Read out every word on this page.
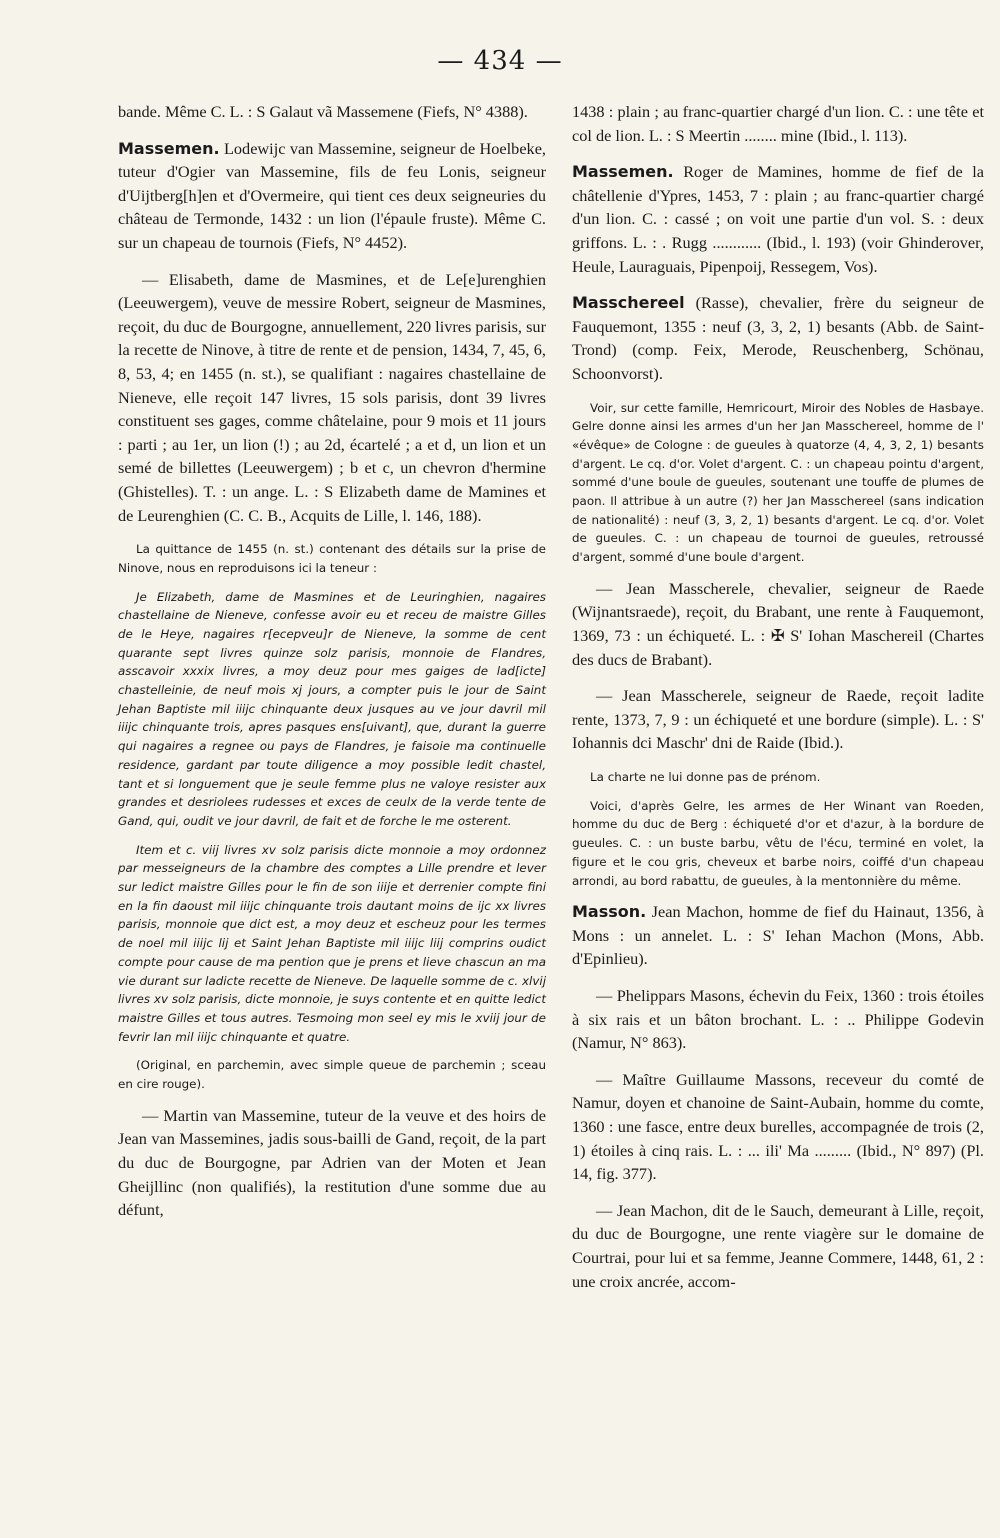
— 434 —

bande. Même C. L. : S Galaut vã Massemene (Fiefs, N° 4388).

Massemen. Lodewijc van Massemine, seigneur de Hoelbeke, tuteur d'Ogier van Massemine, fils de feu Lonis, seigneur d'Uijtberg[h]en et d'Overmeire, qui tient ces deux seigneuries du château de Termonde, 1432 : un lion (l'épaule fruste). Même C. sur un chapeau de tournois (Fiefs, N° 4452).

— Elisabeth, dame de Masmines, et de Le[e]urenghien (Leeuwergem), veuve de messire Robert, seigneur de Masmines, reçoit, du duc de Bourgogne, annuellement, 220 livres parisis, sur la recette de Ninove, à titre de rente et de pension, 1434, 7, 45, 6, 8, 53, 4; en 1455 (n. st.), se qualifiant : nagaires chastellaine de Nieneve, elle reçoit 147 livres, 15 sols parisis, dont 39 livres constituent ses gages, comme châtelaine, pour 9 mois et 11 jours : parti ; au 1er, un lion (!) ; au 2d, écartelé ; a et d, un lion et un semé de billettes (Leeuwergem) ; b et c, un chevron d'hermine (Ghistelles). T. : un ange. L. : S Elizabeth dame de Mamines et de Leurenghien (C. C. B., Acquits de Lille, l. 146, 188).

La quittance de 1455 (n. st.) contenant des détails sur la prise de Ninove, nous en reproduisons ici la teneur :

Je Elizabeth, dame de Masmines et de Leuringhien, nagaires chastellaine de Nieneve, confesse avoir eu et receu de maistre Gilles de le Heye, nagaires r[ecepveu]r de Nieneve, la somme de cent quarante sept livres quinze solz parisis, monnoie de Flandres, asscavoir xxxix livres, a moy deuz pour mes gaiges de lad[icte] chastelleinie, de neuf mois xj jours, a compter puis le jour de Saint Jehan Baptiste mil iiijc chinquante deux jusques au ve jour davril mil iiijc chinquante trois, apres pasques ens[uivant], que, durant la guerre qui nagaires a regnee ou pays de Flandres, je faisoie ma continuelle residence, gardant par toute diligence a moy possible ledit chastel, tant et si longuement que je seule femme plus ne valoye resister aux grandes et desriolees rudesses et exces de ceulx de la verde tente de Gand, qui, oudit ve jour davril, de fait et de forche le me osterent.

Item et c. viij livres xv solz parisis dicte monnoie a moy ordonnez par messeigneurs de la chambre des comptes a Lille prendre et lever sur ledict maistre Gilles pour le fin de son iiije et derrenier compte fini en la fin daoust mil iiijc chinquante trois dautant moins de ijc xx livres parisis, monnoie que dict est, a moy deuz et escheuz pour les termes de noel mil iiijc lij et Saint Jehan Baptiste mil iiijc liij comprins oudict compte pour cause de ma pention que je prens et lieve chascun an ma vie durant sur ladicte recette de Nieneve. De laquelle somme de c. xlvij livres xv solz parisis, dicte monnoie, je suys contente et en quitte ledict maistre Gilles et tous autres. Tesmoing mon seel ey mis le xviij jour de fevrir lan mil iiijc chinquante et quatre.

(Original, en parchemin, avec simple queue de parchemin ; sceau en cire rouge).

— Martin van Massemine, tuteur de la veuve et des hoirs de Jean van Massemines, jadis sous-bailli de Gand, reçoit, de la part du duc de Bourgogne, par Adrien van der Moten et Jean Gheijllinc (non qualifiés), la restitution d'une somme due au défunt,

1438 : plain ; au franc-quartier chargé d'un lion. C. : une tête et col de lion. L. : S Meertin ........ mine (Ibid., l. 113).

Massemen. Roger de Mamines, homme de fief de la châtellenie d'Ypres, 1453, 7 : plain ; au franc-quartier chargé d'un lion. C. : cassé ; on voit une partie d'un vol. S. : deux griffons. L. : . Rugg ............ (Ibid., l. 193) (voir Ghinderover, Heule, Lauraguais, Pipenpoij, Ressegem, Vos).

Masschereel (Rasse), chevalier, frère du seigneur de Fauquemont, 1355 : neuf (3, 3, 2, 1) besants (Abb. de Saint-Trond) (comp. Feix, Merode, Reuschenberg, Schönau, Schoonvorst).

Voir, sur cette famille, Hemricourt, Miroir des Nobles de Hasbaye. Gelre donne ainsi les armes d'un her Jan Masschereel, homme de l' «évêque» de Cologne : de gueules à quatorze (4, 4, 3, 2, 1) besants d'argent. Le cq. d'or. Volet d'argent. C. : un chapeau pointu d'argent, sommé d'une boule de gueules, soutenant une touffe de plumes de paon. Il attribue à un autre (?) her Jan Masschereel (sans indication de nationalité) : neuf (3, 3, 2, 1) besants d'argent. Le cq. d'or. Volet de gueules. C. : un chapeau de tournoi de gueules, retroussé d'argent, sommé d'une boule d'argent.

— Jean Masscherele, chevalier, seigneur de Raede (Wijnantsraede), reçoit, du Brabant, une rente à Fauquemont, 1369, 73 : un échiqueté. L. : ✠ S' Iohan Maschereil (Chartes des ducs de Brabant).

— Jean Masscherele, seigneur de Raede, reçoit ladite rente, 1373, 7, 9 : un échiqueté et une bordure (simple). L. : S' Iohannis dci Maschr' dni de Raide (Ibid.).

La charte ne lui donne pas de prénom.

Voici, d'après Gelre, les armes de Her Winant van Roeden, homme du duc de Berg : échiqueté d'or et d'azur, à la bordure de gueules. C. : un buste barbu, vêtu de l'écu, terminé en volet, la figure et le cou gris, cheveux et barbe noirs, coiffé d'un chapeau arrondi, au bord rabattu, de gueules, à la mentonnière du même.

Masson. Jean Machon, homme de fief du Hainaut, 1356, à Mons : un annelet. L. : S' Iehan Machon (Mons, Abb. d'Epinlieu).

— Phelippars Masons, échevin du Feix, 1360 : trois étoiles à six rais et un bâton brochant. L. : .. Philippe Godevin (Namur, N° 863).

— Maître Guillaume Massons, receveur du comté de Namur, doyen et chanoine de Saint-Aubain, homme du comte, 1360 : une fasce, entre deux burelles, accompagnée de trois (2, 1) étoiles à cinq rais. L. : ... ili' Ma ......... (Ibid., N° 897) (Pl. 14, fig. 377).

— Jean Machon, dit de le Sauch, demeurant à Lille, reçoit, du duc de Bourgogne, une rente viagère sur le domaine de Courtrai, pour lui et sa femme, Jeanne Commere, 1448, 61, 2 : une croix ancrée, accom-
